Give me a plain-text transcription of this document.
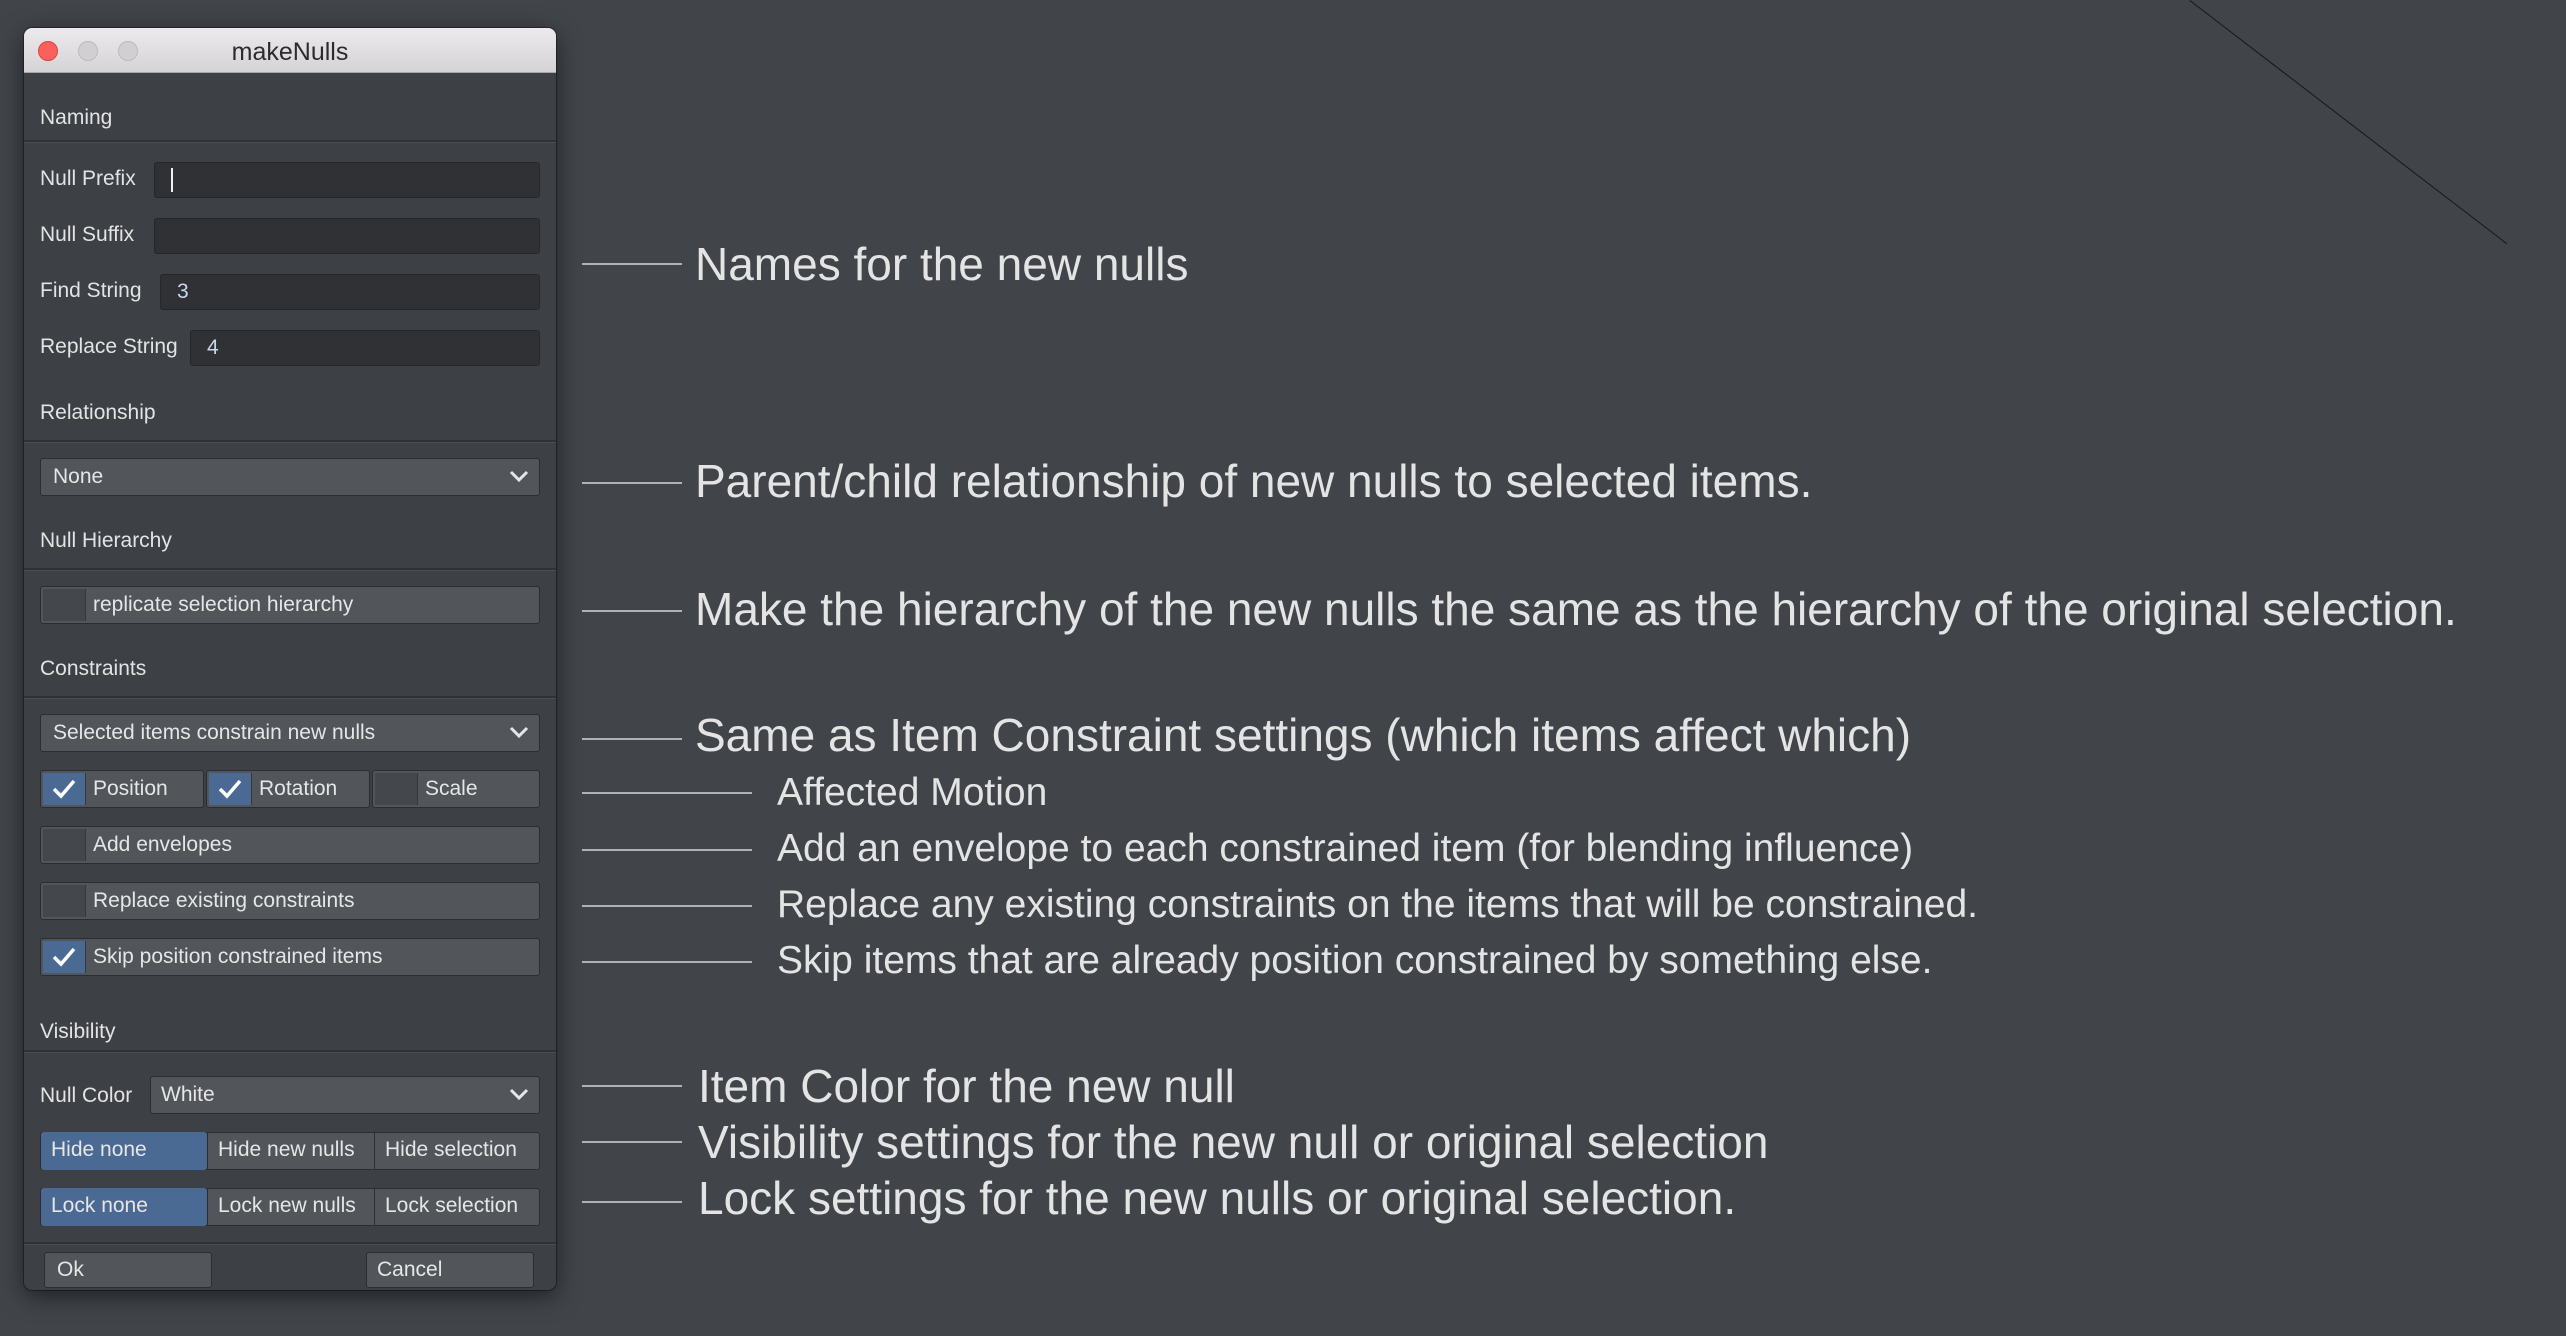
makeNulls
Naming
Null Prefix
Null Suffix
Find String	3
Replace String	4
Relationship
None
Null Hierarchy
replicate selection hierarchy
Constraints
Selected items constrain new nulls
Position	Rotation	Scale
Add envelopes
Replace existing constraints
Skip position constrained items
Visibility
Null Color White
Hide none	Hide new nulls Hide selection
Lock none	Lock new nulls Lock selection
Ok	Cancel
Names for the new nulls
Parent/child relationship of new nulls to selected items.
Make the hierarchy of the new nulls the same as the hierarchy of the original selection.
Same as Item Constraint settings (which items affect which)
Affected Motion
Add an envelope to each constrained item (for blending influence)
Replace any existing constraints on the items that will be constrained.
Skip items that are already position constrained by something else.
Item Color for the new null
Visibility settings for the new null or original selection
Lock settings for the new nulls or original selection.
